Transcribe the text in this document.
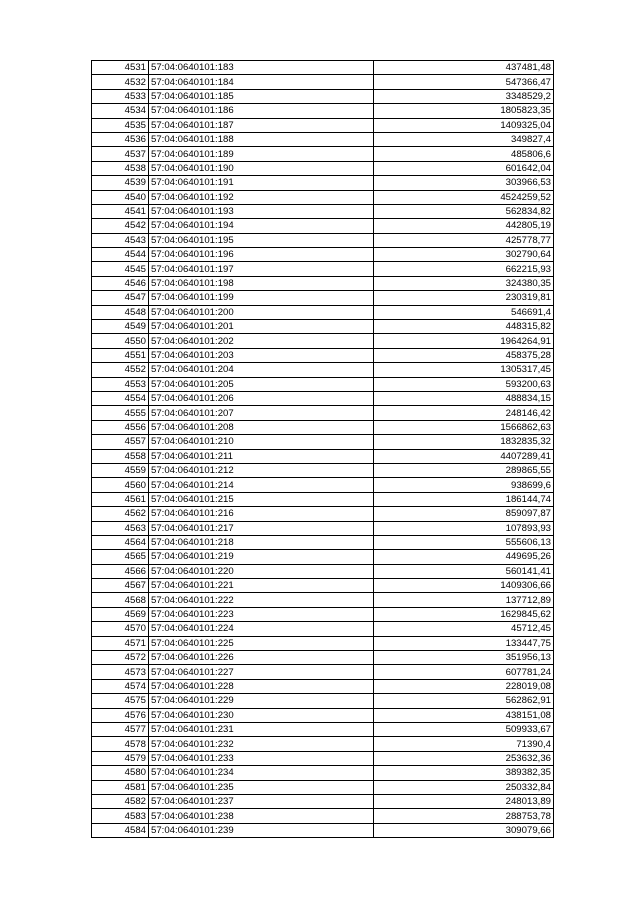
4531	57:04:0640101:183	437481,48
4532	57:04:0640101:184	547366,47
4533	57:04:0640101:185	3348529,2
4534	57:04:0640101:186	1805823,35
4535	57:04:0640101:187	1409325,04
4536	57:04:0640101:188	349827,4
4537	57:04:0640101:189	485806,6
4538	57:04:0640101:190	601642,04
4539	57:04:0640101:191	303966,53
4540	57:04:0640101:192	4524259,52
4541	57:04:0640101:193	562834,82
4542	57:04:0640101:194	442805,19
4543	57:04:0640101:195	425778,77
4544	57:04:0640101:196	302790,64
4545	57:04:0640101:197	662215,93
4546	57:04:0640101:198	324380,35
4547	57:04:0640101:199	230319,81
4548	57:04:0640101:200	546691,4
4549	57:04:0640101:201	448315,82
4550	57:04:0640101:202	1964264,91
4551	57:04:0640101:203	458375,28
4552	57:04:0640101:204	1305317,45
4553	57:04:0640101:205	593200,63
4554	57:04:0640101:206	488834,15
4555	57:04:0640101:207	248146,42
4556	57:04:0640101:208	1566862,63
4557	57:04:0640101:210	1832835,32
4558	57:04:0640101:211	4407289,41
4559	57:04:0640101:212	289865,55
4560	57:04:0640101:214	938699,6
4561	57:04:0640101:215	186144,74
4562	57:04:0640101:216	859097,87
4563	57:04:0640101:217	107893,93
4564	57:04:0640101:218	555606,13
4565	57:04:0640101:219	449695,26
4566	57:04:0640101:220	560141,41
4567	57:04:0640101:221	1409306,66
4568	57:04:0640101:222	137712,89
4569	57:04:0640101:223	1629845,62
4570	57:04:0640101:224	45712,45
4571	57:04:0640101:225	133447,75
4572	57:04:0640101:226	351956,13
4573	57:04:0640101:227	607781,24
4574	57:04:0640101:228	228019,08
4575	57:04:0640101:229	562862,91
4576	57:04:0640101:230	438151,08
4577	57:04:0640101:231	509933,67
4578	57:04:0640101:232	71390,4
4579	57:04:0640101:233	253632,36
4580	57:04:0640101:234	389382,35
4581	57:04:0640101:235	250332,84
4582	57:04:0640101:237	248013,89
4583	57:04:0640101:238	288753,78
4584	57:04:0640101:239	309079,66
